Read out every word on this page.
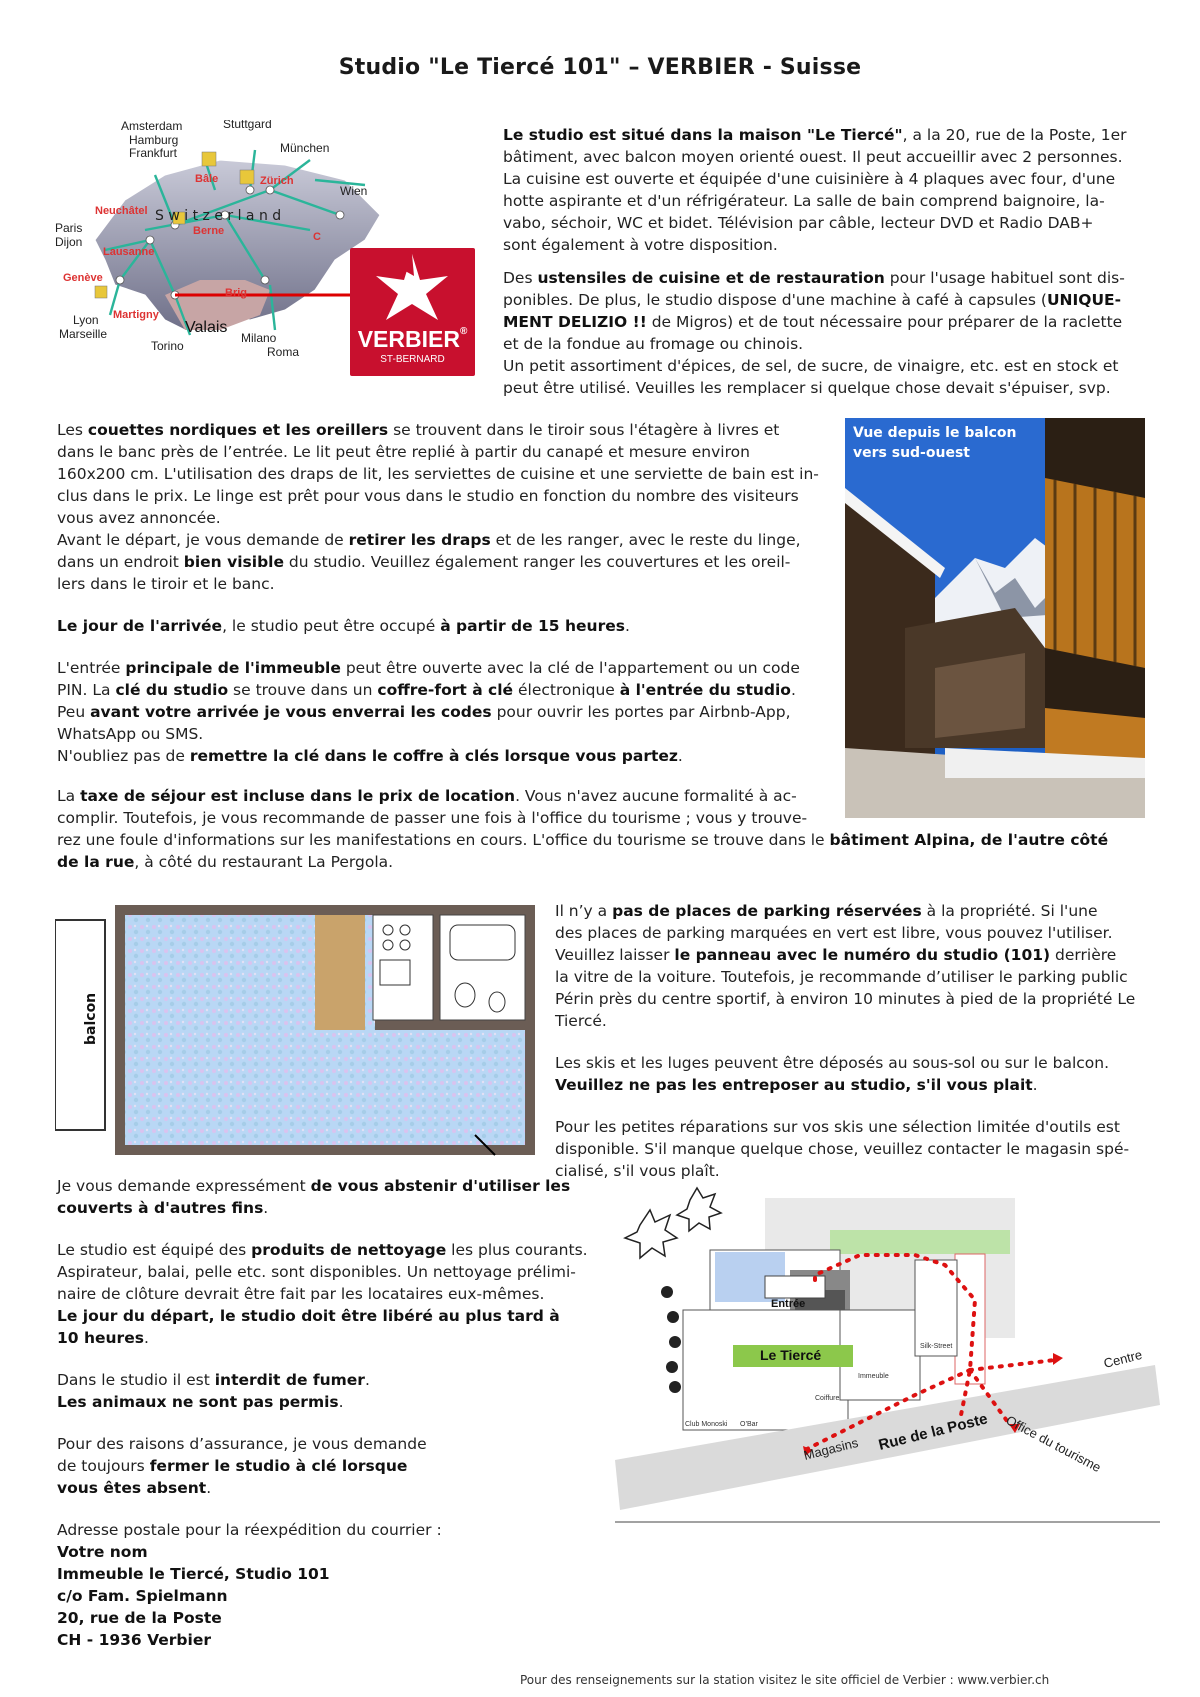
Studio "Le Tiercé 101" – VERBIER - Suisse
Amsterdam
Hamburg
Frankfurt
Stuttgard
München
Wien
Paris
Dijon
Lyon
Marseille
Torino
Milano
Roma
Bâle	Zürich
Neuchâtel
Berne
Lausanne
Genève
Martigny
Brig
C
S w i t z e r l a n d
Valais	VERBIER®
ST-BERNARD

Le studio est situé dans la maison "Le Tiercé", a la 20, rue de la Poste, 1er

bâtiment, avec balcon moyen orienté ouest. Il peut accueillir avec 2 personnes.

La cuisine est ouverte et équipée d'une cuisinière à 4 plaques avec four, d'une

hotte aspirante et d'un réfrigérateur. La salle de bain comprend baignoire, la-

vabo, séchoir, WC et bidet. Télévision par câble, lecteur DVD et Radio DAB+

sont également à votre disposition.

Des ustensiles de cuisine et de restauration pour l'usage habituel sont dis-

ponibles. De plus, le studio dispose d'une machine à café à capsules (UNIQUE-

MENT DELIZIO !! de Migros) et de tout nécessaire pour préparer de la raclette

et de la fondue au fromage ou chinois.

Un petit assortiment d'épices, de sel, de sucre, de vinaigre, etc. est en stock et

peut être utilisé. Veuilles les remplacer si quelque chose devait s'épuiser, svp.

Les couettes nordiques et les oreillers se trouvent dans le tiroir sous l'étagère à livres et

dans le banc près de l’entrée. Le lit peut être replié à partir du canapé et mesure environ

160x200 cm. L'utilisation des draps de lit, les serviettes de cuisine et une serviette de bain est in-

clus dans le prix. Le linge est prêt pour vous dans le studio en fonction du nombre des visiteurs

vous avez annoncée.

Avant le départ, je vous demande de retirer les draps et de les ranger, avec le reste du linge,

dans un endroit bien visible du studio. Veuillez également ranger les couvertures et les oreil-

lers dans le tiroir et le banc.

Le jour de l'arrivée, le studio peut être occupé à partir de 15 heures.

L'entrée principale de l'immeuble peut être ouverte avec la clé de l'appartement ou un code

PIN. La clé du studio se trouve dans un coffre-fort à clé électronique à l'entrée du studio.

Peu avant votre arrivée je vous enverrai les codes pour ouvrir les portes par Airbnb-App,

WhatsApp ou SMS.

N'oubliez pas de remettre la clé dans le coffre à clés lorsque vous partez.

La taxe de séjour est incluse dans le prix de location. Vous n'avez aucune formalité à ac-

complir. Toutefois, je vous recommande de passer une fois à l'office du tourisme ; vous y trouve-

rez une foule d'informations sur les manifestations en cours. L'office du tourisme se trouve dans le bâtiment Alpina, de l'autre côté

de la rue, à côté du restaurant La Pergola.

Vue depuis le balcon
vers sud-ouest
balcon

Il n’y a pas de places de parking réservées à la propriété. Si l'une

des places de parking marquées en vert est libre, vous pouvez l'utiliser.

Veuillez laisser le panneau avec le numéro du studio (101) derrière

la vitre de la voiture. Toutefois, je recommande d’utiliser le parking public

Périn près du centre sportif, à environ 10 minutes à pied de la propriété Le

Tiercé.

Les skis et les luges peuvent être déposés au sous-sol ou sur le balcon.

Veuillez ne pas les entreposer au studio, s'il vous plait.

Pour les petites réparations sur vos skis une sélection limitée d'outils est

disponible. S'il manque quelque chose, veuillez contacter le magasin spé-

cialisé, s'il vous plaît.

Je vous demande expressément de vous abstenir d'utiliser les

couverts à d'autres fins.

Le studio est équipé des produits de nettoyage les plus courants.

Aspirateur, balai, pelle etc. sont disponibles. Un nettoyage prélimi-

naire de clôture devrait être fait par les locataires eux-mêmes.

Le jour du départ, le studio doit être libéré au plus tard à

10 heures.

Dans le studio il est interdit de fumer.

Les animaux ne sont pas permis.

Pour des raisons d’assurance, je vous demande

de toujours fermer le studio à clé lorsque

vous êtes absent.

Adresse postale pour la réexpédition du courrier :

Votre nom

Immeuble le Tiercé, Studio 101

c/o Fam. Spielmann

20, rue de la Poste

CH - 1936 Verbier

Entrée
Le Tiercé
Immeuble
Coiffure
Silk-Street
Club Monoski O’Bar
Centre
Magasins Rue de la Poste Office du tourisme
Pour des renseignements sur la station visitez le site officiel de Verbier : www.verbier.ch
